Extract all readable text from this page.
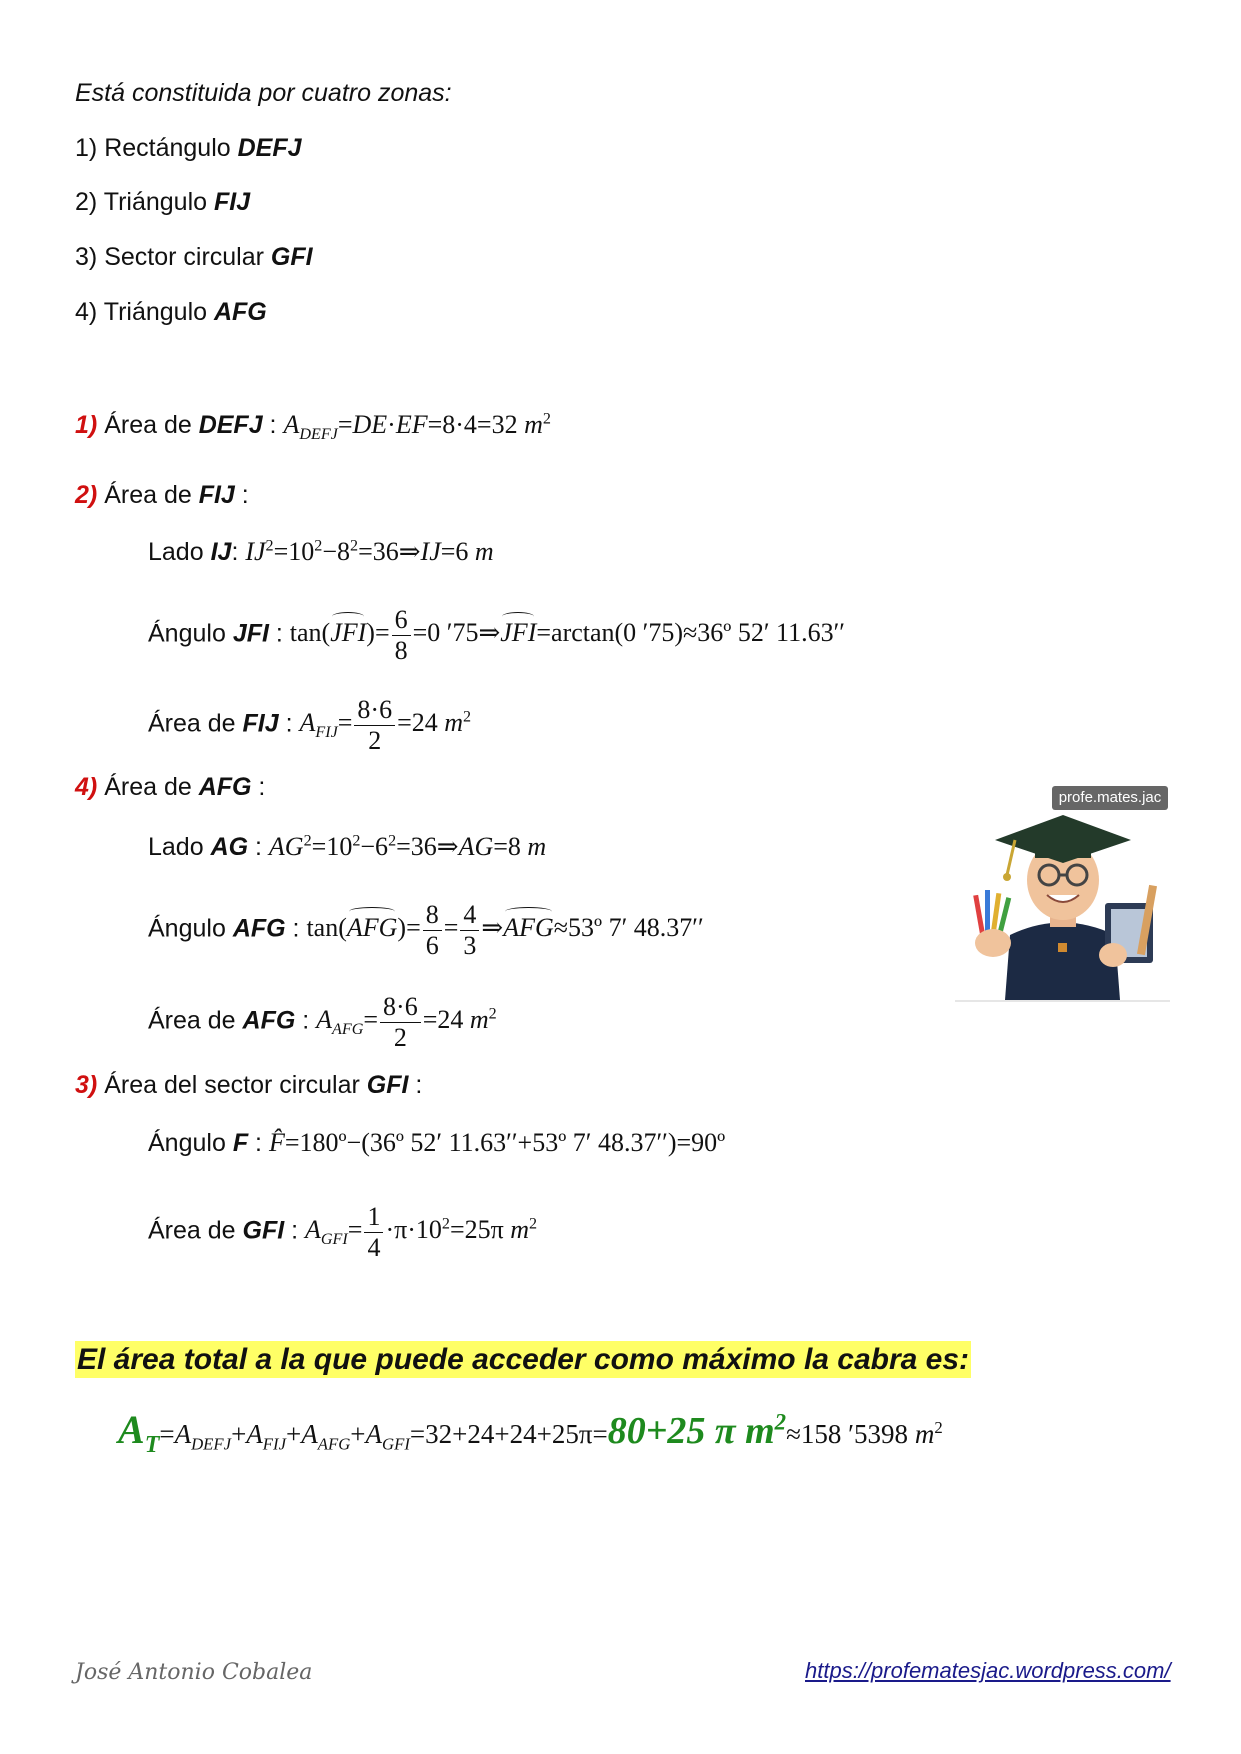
Está constituida por cuatro zonas:
1) Rectángulo DEFJ
2) Triángulo FIJ
3) Sector circular GFI
4) Triángulo AFG
1) Área de DEFJ : $A_{DEFJ}=DE\cdot EF=8\cdot 4=32$ $m^2$
2) Área de FIJ :
Lado IJ: $IJ^2=10^2-8^2=36\Rightarrow IJ=6$ m
Ángulo JFI : $\tan(JFI)= \frac{6}{8} =0$ ′75⇒JFI=arctan(0 ′75)≈36º 52′ 11.63′′
Área de FIJ : $A_{FIJ}= \frac{8\cdot 6}{2} =24$ $m^2$
4) Área de AFG :
Lado AG : $AG^2=10^2-6^2=36\Rightarrow AG=8$ m
Ángulo AFG : $\tan(AFG)= \frac{8}{6} = \frac{4}{3}$ ⇒AFG≈53º 7′ 48.37′′
Área de AFG : $A_{AFG}= \frac{8\cdot 6}{2} =24$ $m^2$
3) Área del sector circular GFI :
Ángulo F : F̂=180º−(36º 52′ 11.63′′+53º 7′ 48.37′′)=90º
Área de GFI : $A_{GFI}= \frac{1}{4} \cdot\pi\cdot 10^2=25\pi$ $m^2$
El área total a la que puede acceder como máximo la cabra es:
$A_T=A_{DEFJ}+A_{FIJ}+A_{AFG}+A_{GFI}=32+24+24+25\pi=80+25$ π $m^2\approx 158$ ′5398 $m^2$
profe.mates.jac
José Antonio Cobalea	https://profematesjac.wordpress.com/
